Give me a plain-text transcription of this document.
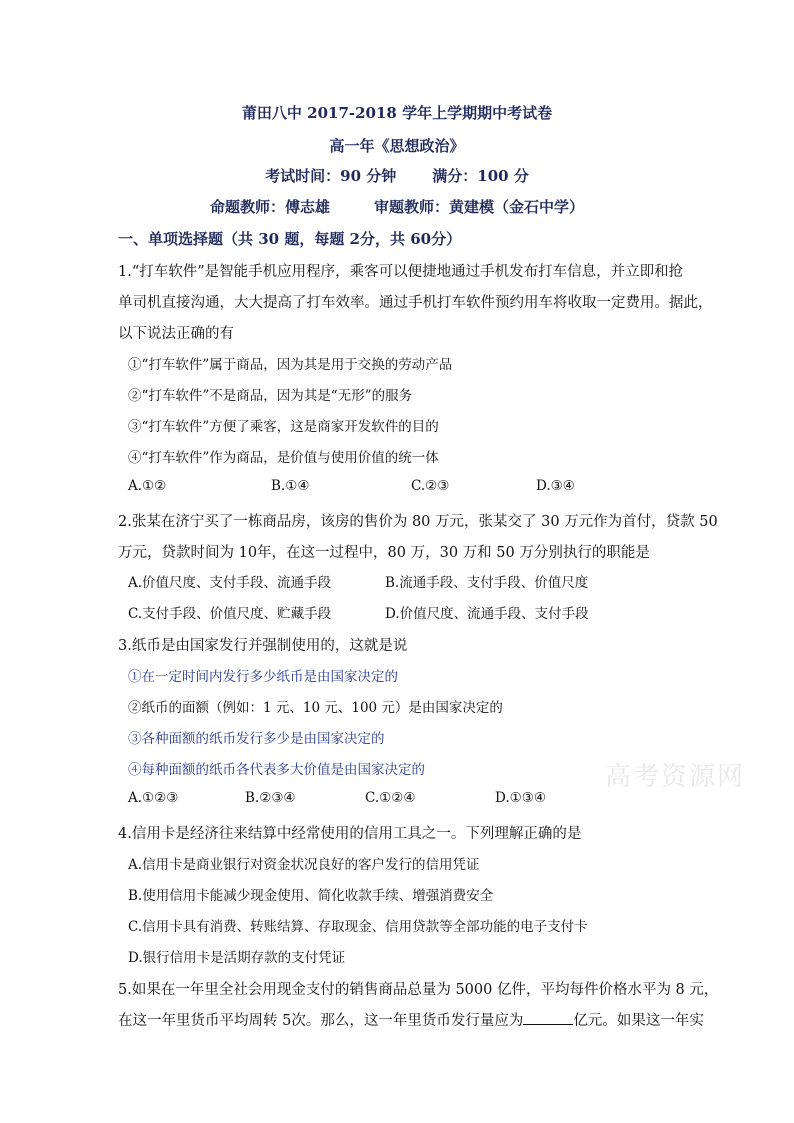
莆田八中 2017-2018 学年上学期期中考试卷
高一年《思想政治》
考试时间：90 分钟 满分：100 分
命题教师：傅志雄	审题教师：黄建模（金石中学）
一、单项选择题（共 30 题，每题 2分，共 60分）
1.“打车软件”是智能手机应用程序，乘客可以便捷地通过手机发布打车信息，并立即和抢
单司机直接沟通，大大提高了打车效率。通过手机打车软件预约用车将收取一定费用。据此，
以下说法正确的有
①“打车软件”属于商品，因为其是用于交换的劳动产品
②“打车软件”不是商品，因为其是“无形”的服务
③“打车软件”方便了乘客，这是商家开发软件的目的
④“打车软件”作为商品，是价值与使用价值的统一体
A.①②	B.①④	C.②③	D.③④
2.张某在济宁买了一栋商品房，该房的售价为 80 万元，张某交了 30 万元作为首付，贷款 50
万元，贷款时间为 10年，在这一过程中，80 万，30 万和 50 万分别执行的职能是
A.价值尺度、支付手段、流通手段	B.流通手段、支付手段、价值尺度
C.支付手段、价值尺度、贮藏手段	D.价值尺度、流通手段、支付手段
3.纸币是由国家发行并强制使用的，这就是说
①在一定时间内发行多少纸币是由国家决定的
②纸币的面额（例如：1 元、10 元、100 元）是由国家决定的
③各种面额的纸币发行多少是由国家决定的
④每种面额的纸币各代表多大价值是由国家决定的
A.①②③	B.②③④	C.①②④	D.①③④
高考资源网
4.信用卡是经济往来结算中经常使用的信用工具之一。下列理解正确的是
A.信用卡是商业银行对资金状况良好的客户发行的信用凭证
B.使用信用卡能减少现金使用、简化收款手续、增强消费安全
C.信用卡具有消费、转账结算、存取现金、信用贷款等全部功能的电子支付卡
D.银行信用卡是活期存款的支付凭证
5.如果在一年里全社会用现金支付的销售商品总量为 5000 亿件，平均每件价格水平为 8 元，
在这一年里货币平均周转 5次。那么，这一年里货币发行量应为	亿元。如果这一年实
